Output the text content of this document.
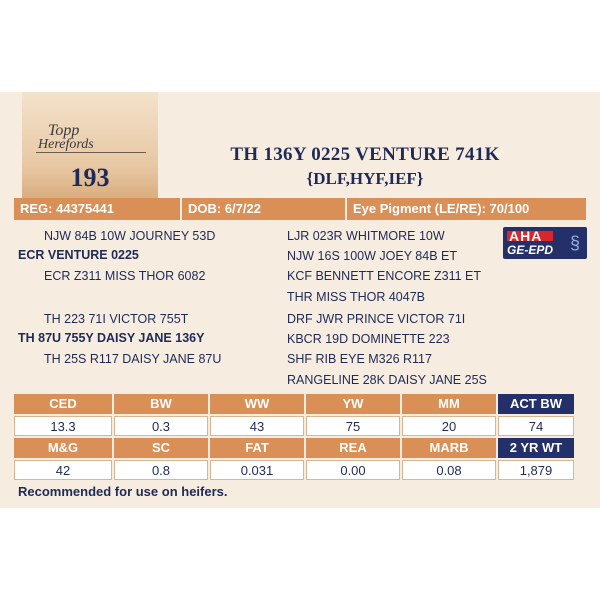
Topp
Herefords
193
TH 136Y 0225 VENTURE 741K
{DLF,HYF,IEF}
REG: 44375441	DOB: 6/7/22	Eye Pigment (LE/RE): 70/100
NJW 84B 10W JOURNEY 53D
ECR VENTURE 0225
ECR Z311 MISS THOR 6082
TH 223 71I VICTOR 755T
TH 87U 755Y DAISY JANE 136Y
TH 25S R117 DAISY JANE 87U
LJR 023R WHITMORE 10W
NJW 16S 100W JOEY 84B ET
KCF BENNETT ENCORE Z311 ET
THR MISS THOR 4047B
DRF JWR PRINCE VICTOR 71I
KBCR 19D DOMINETTE 223
SHF RIB EYE M326 R117
RANGELINE 28K DAISY JANE 25S
AHA
GE-EPD §
CED	BW	WW	YW	MM	ACT BW
13.3	0.3	43	75	20	74
M&G	SC	FAT	REA	MARB	2 YR WT
42	0.8	0.031	0.00	0.08	1,879
Recommended for use on heifers.
